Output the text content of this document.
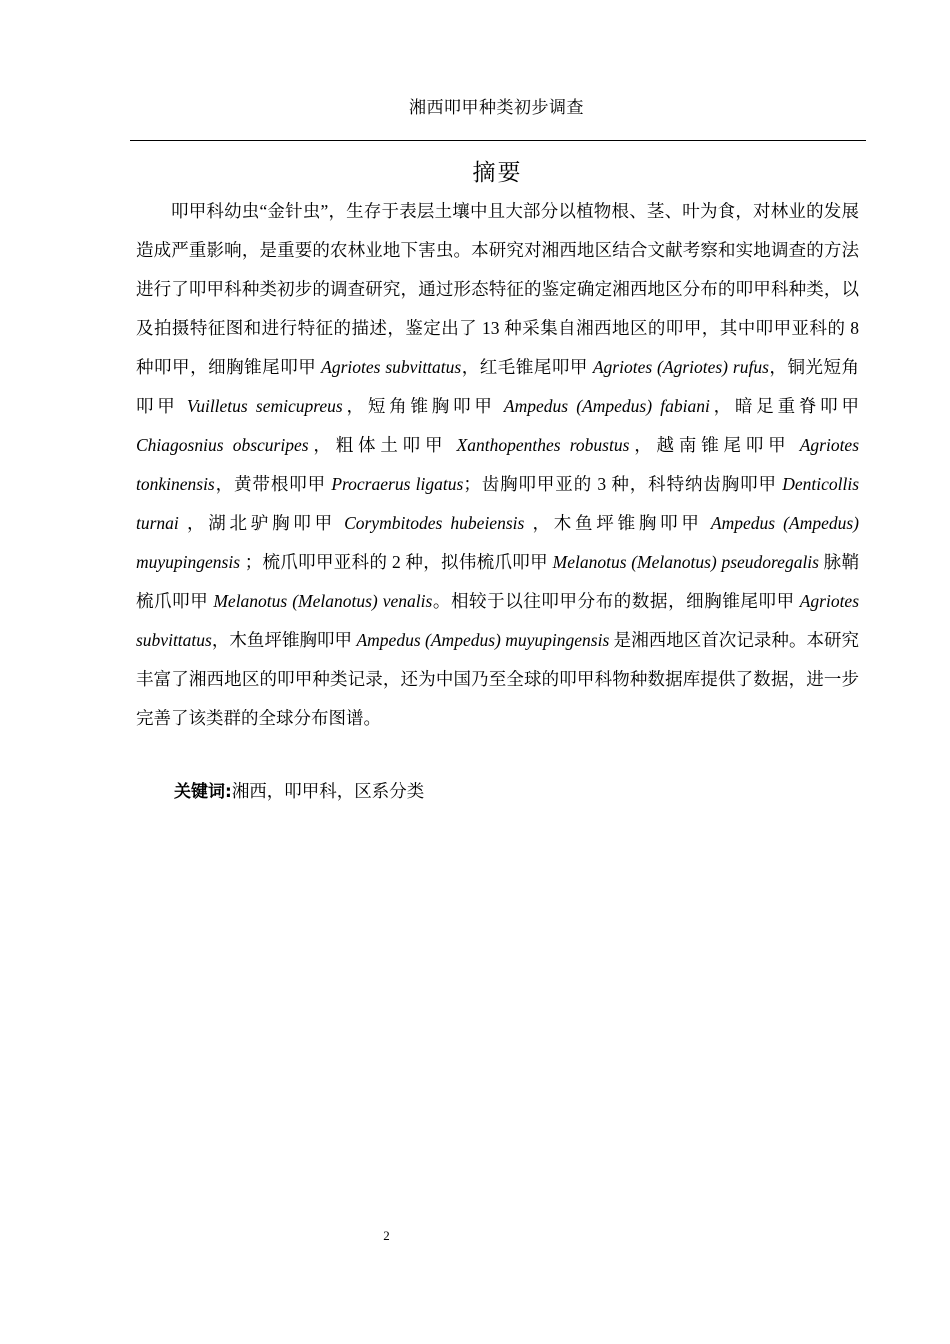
湘西叩甲种类初步调查
摘要

叩甲科幼虫“金针虫”，生存于表层土壤中且大部分以植物根、茎、叶为食，对林业的发展造成严重影响，是重要的农林业地下害虫。本研究对湘西地区结合文献考察和实地调查的方法进行了叩甲科种类初步的调查研究，通过形态特征的鉴定确定湘西地区分布的叩甲科种类，以及拍摄特征图和进行特征的描述，鉴定出了 13 种采集自湘西地区的叩甲，其中叩甲亚科的 8 种叩甲，细胸锥尾叩甲 Agriotes subvittatus，红毛锥尾叩甲 Agriotes (Agriotes) rufus，铜光短角叩甲 Vuilletus semicupreus，短角锥胸叩甲 Ampedus (Ampedus) fabiani，暗足重脊叩甲 Chiagosnius obscuripes，粗体土叩甲 Xanthopenthes robustus，越南锥尾叩甲 Agriotes tonkinensis，黄带根叩甲 Procraerus ligatus；齿胸叩甲亚的 3 种，科特纳齿胸叩甲 Denticollis turnai ，湖北驴胸叩甲 Corymbitodes hubeiensis ，木鱼坪锥胸叩甲 Ampedus (Ampedus) muyupingensis ；梳爪叩甲亚科的 2 种，拟伟梳爪叩甲 Melanotus (Melanotus) pseudoregalis 脉鞘梳爪叩甲 Melanotus (Melanotus) venalis。相较于以往叩甲分布的数据，细胸锥尾叩甲 Agriotes subvittatus，木鱼坪锥胸叩甲 Ampedus (Ampedus) muyupingensis 是湘西地区首次记录种。本研究丰富了湘西地区的叩甲种类记录，还为中国乃至全球的叩甲科物种数据库提供了数据，进一步完善了该类群的全球分布图谱。

关键词:湘西，叩甲科，区系分类
2
